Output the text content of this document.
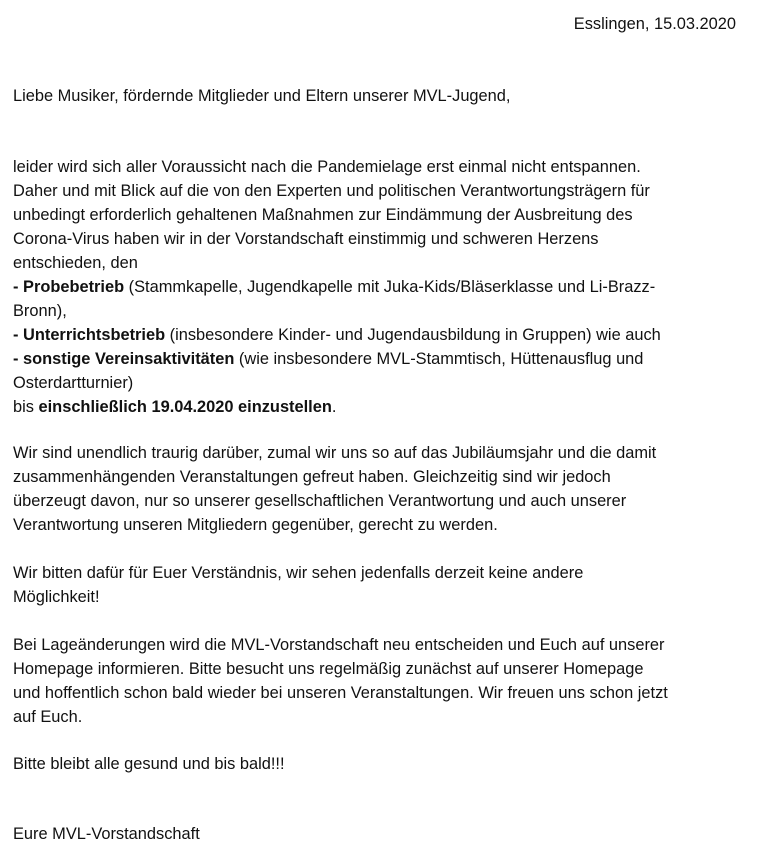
Esslingen, 15.03.2020
Liebe Musiker, fördernde Mitglieder und Eltern unserer MVL-Jugend,
leider wird sich aller Voraussicht nach die Pandemielage erst einmal nicht entspannen.
Daher und mit Blick auf die von den Experten und politischen Verantwortungsträgern für
unbedingt erforderlich gehaltenen Maßnahmen zur Eindämmung der Ausbreitung des
Corona-Virus haben wir in der Vorstandschaft einstimmig und schweren Herzens
entschieden, den
- Probebetrieb (Stammkapelle, Jugendkapelle mit Juka-Kids/Bläserklasse und Li-Brazz-
Bronn),
- Unterrichtsbetrieb (insbesondere Kinder- und Jugendausbildung in Gruppen) wie auch
- sonstige Vereinsaktivitäten (wie insbesondere MVL-Stammtisch, Hüttenausflug und
Osterdartturnier)
bis einschließlich 19.04.2020 einzustellen.
Wir sind unendlich traurig darüber, zumal wir uns so auf das Jubiläumsjahr und die damit
zusammenhängenden Veranstaltungen gefreut haben. Gleichzeitig sind wir jedoch
überzeugt davon, nur so unserer gesellschaftlichen Verantwortung und auch unserer
Verantwortung unseren Mitgliedern gegenüber, gerecht zu werden.
Wir bitten dafür für Euer Verständnis, wir sehen jedenfalls derzeit keine andere
Möglichkeit!
Bei Lageänderungen wird die MVL-Vorstandschaft neu entscheiden und Euch auf unserer
Homepage informieren. Bitte besucht uns regelmäßig zunächst auf unserer Homepage
und hoffentlich schon bald wieder bei unseren Veranstaltungen. Wir freuen uns schon jetzt
auf Euch.
Bitte bleibt alle gesund und bis bald!!!
Eure MVL-Vorstandschaft
